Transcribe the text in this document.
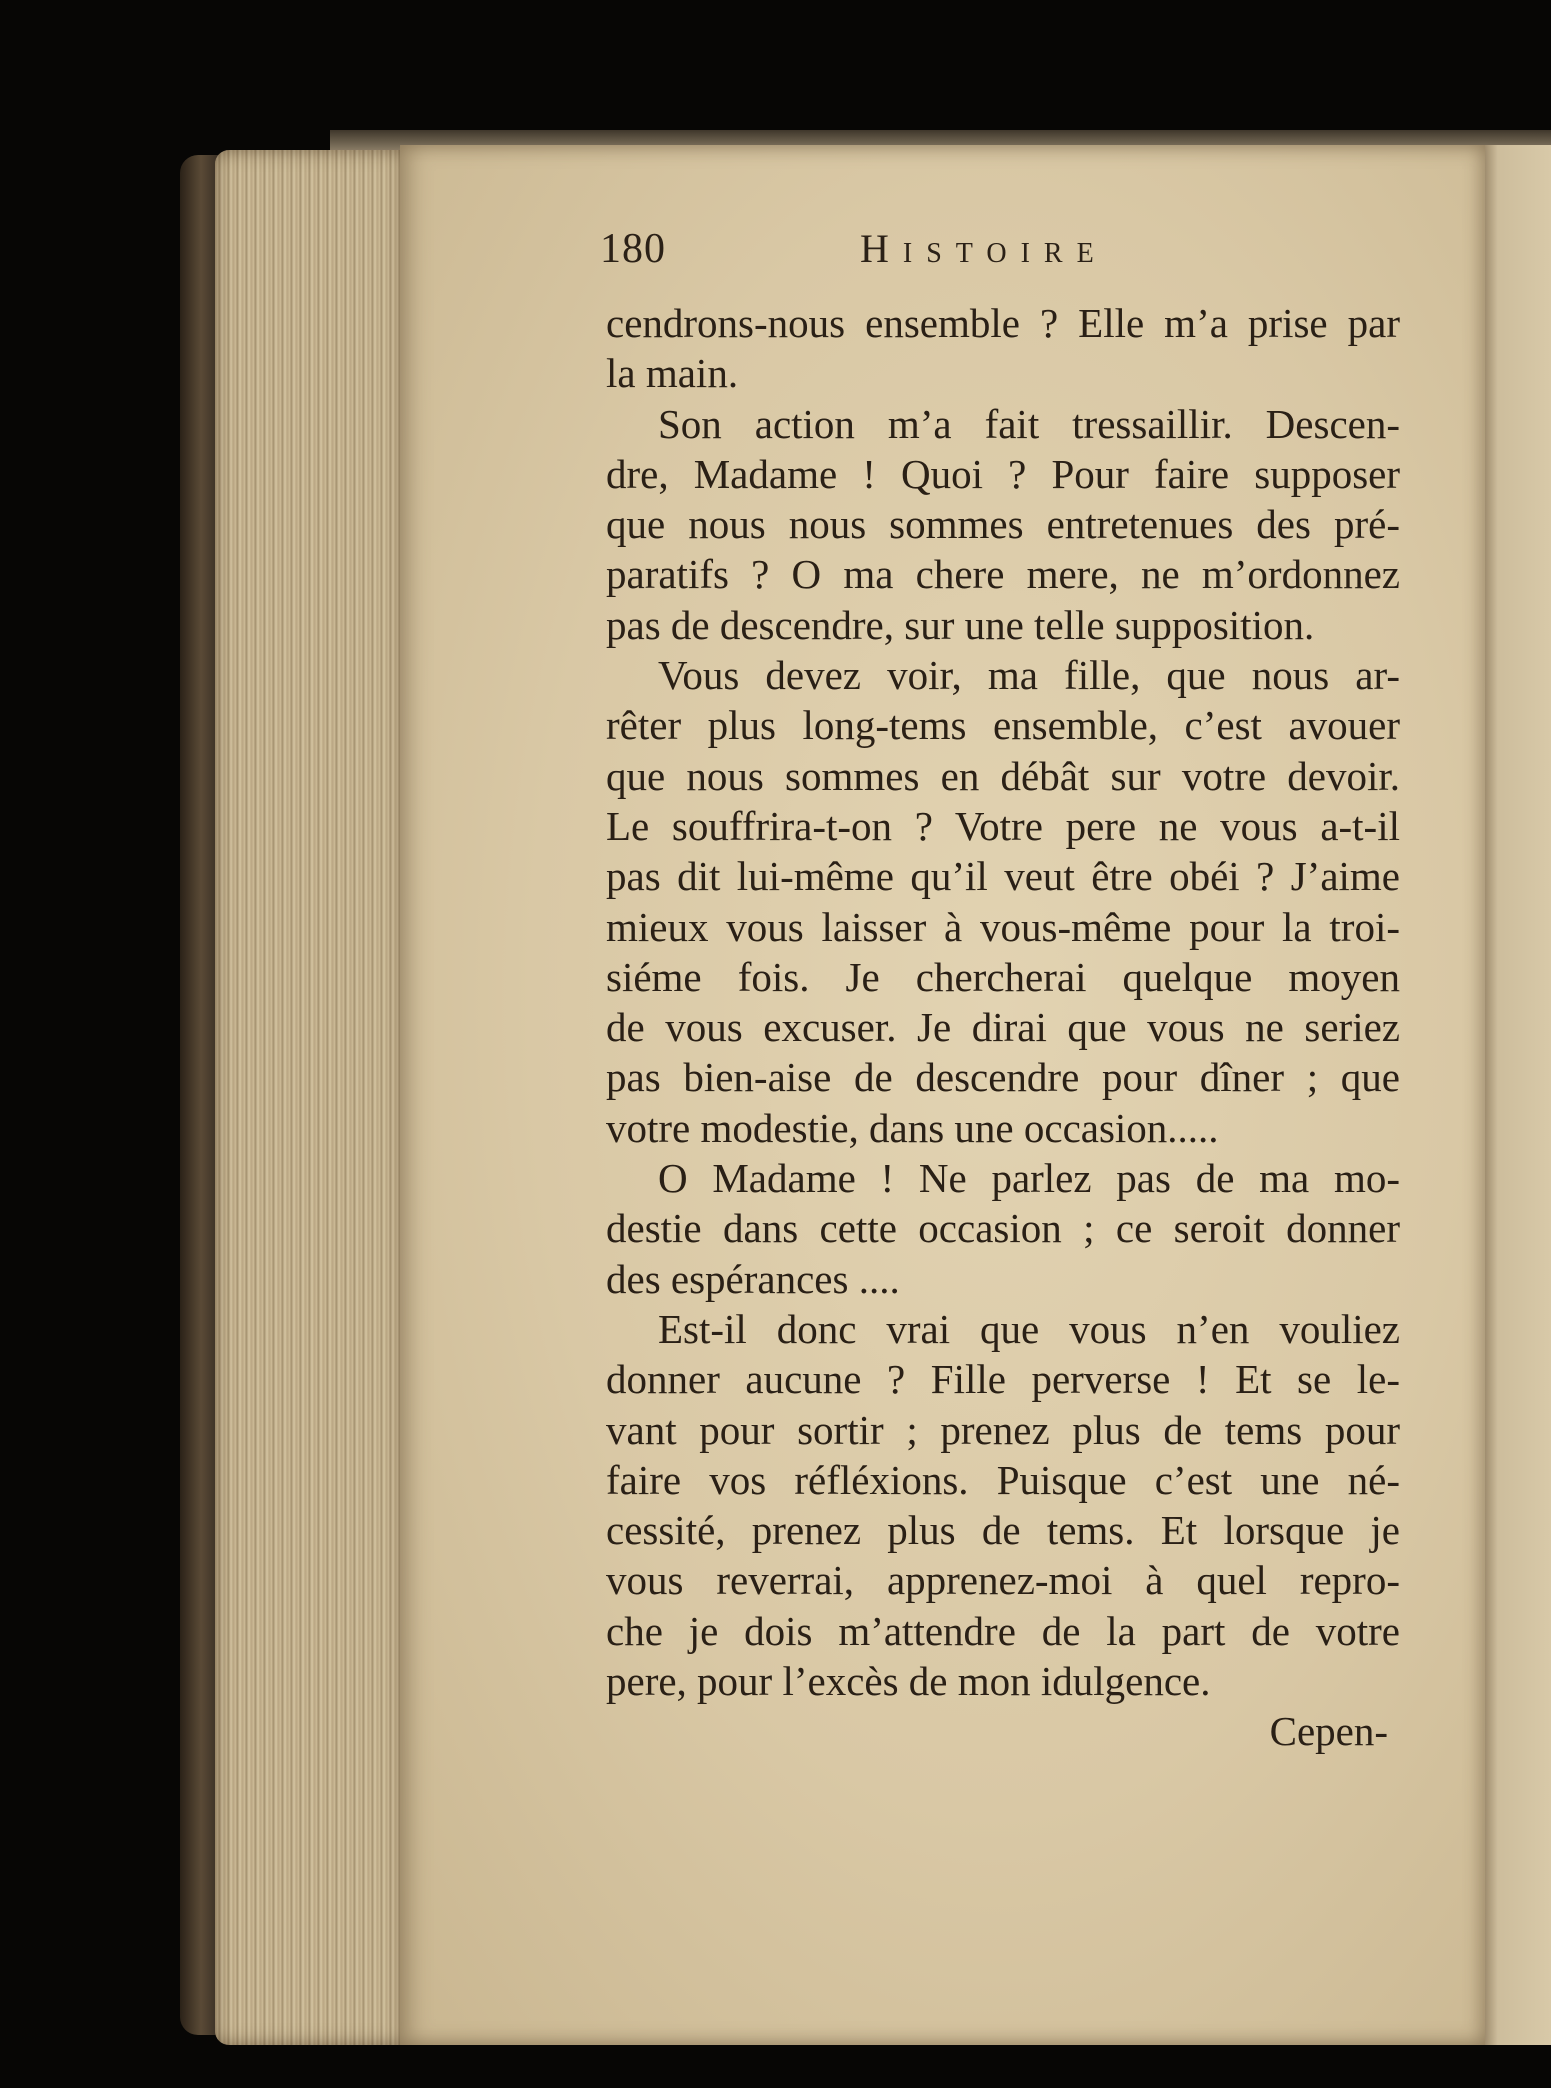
180	Histoire
cendrons-nous ensemble ? Elle m’a prise par
la main.
Son action m’a fait tressaillir. Descen-
dre, Madame ! Quoi ? Pour faire supposer
que nous nous sommes entretenues des pré-
paratifs ? O ma chere mere, ne m’ordonnez
pas de descendre, sur une telle supposition.
Vous devez voir, ma fille, que nous ar-
rêter plus long-tems ensemble, c’est avouer
que nous sommes en débât sur votre devoir.
Le souffrira-t-on ? Votre pere ne vous a-t-il
pas dit lui-même qu’il veut être obéi ? J’aime
mieux vous laisser à vous-même pour la troi-
siéme fois. Je chercherai quelque moyen
de vous excuser. Je dirai que vous ne seriez
pas bien-aise de descendre pour dîner ; que
votre modestie, dans une occasion.....
O Madame ! Ne parlez pas de ma mo-
destie dans cette occasion ; ce seroit donner
des espérances ....
Est-il donc vrai que vous n’en vouliez
donner aucune ? Fille perverse ! Et se le-
vant pour sortir ; prenez plus de tems pour
faire vos réfléxions. Puisque c’est une né-
cessité, prenez plus de tems. Et lorsque je
vous reverrai, apprenez-moi à quel repro-
che je dois m’attendre de la part de votre
pere, pour l’excès de mon idulgence.
Cepen-
